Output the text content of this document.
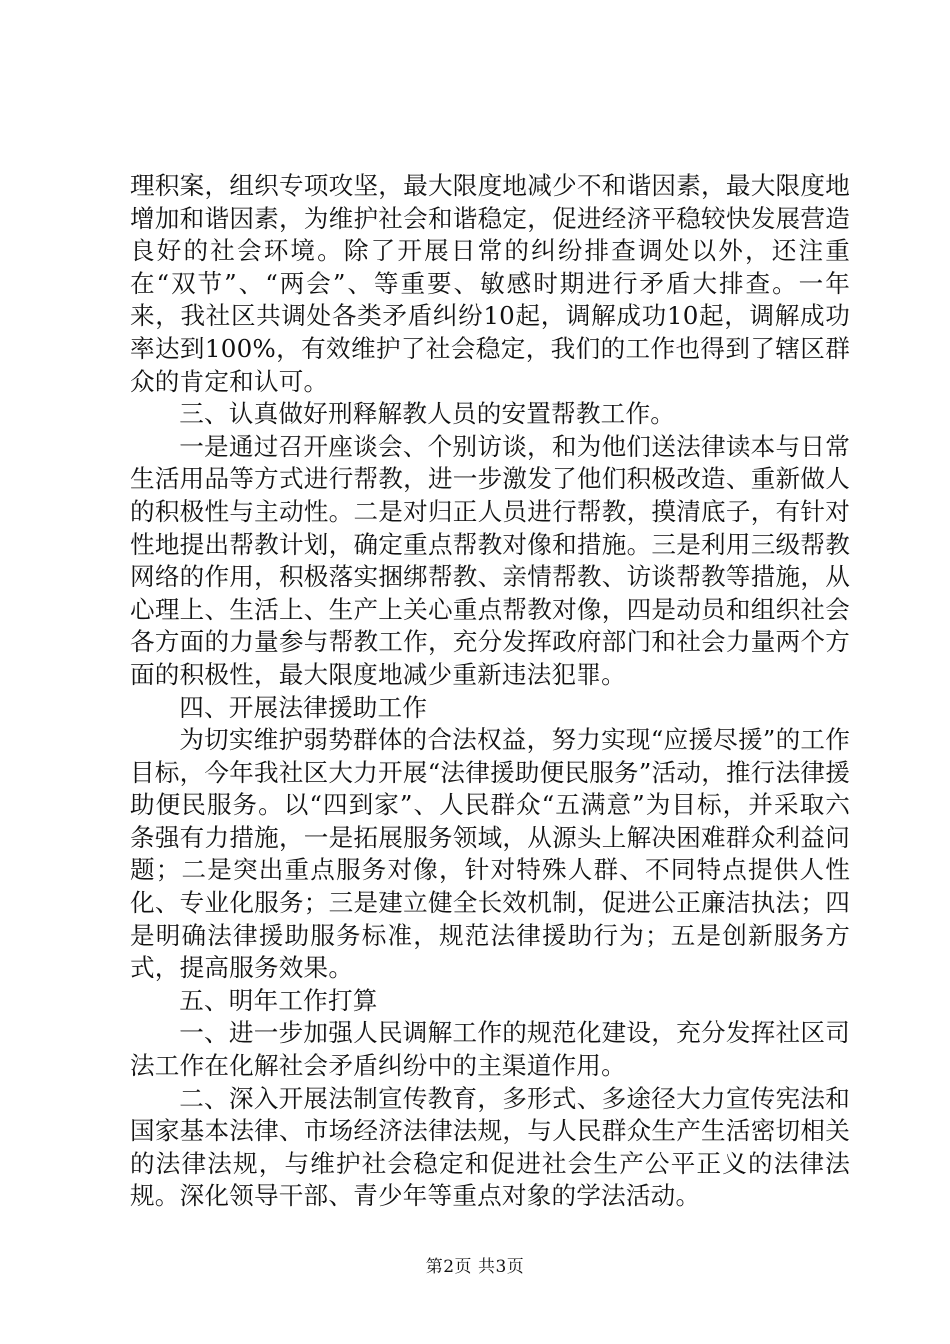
理积案，组织专项攻坚，最大限度地减少不和谐因素，最大限度地增加和谐因素，为维护社会和谐稳定，促进经济平稳较快发展营造良好的社会环境。除了开展日常的纠纷排查调处以外，还注重在“双节”、“两会”、等重要、敏感时期进行矛盾大排查。一年来，我社区共调处各类矛盾纠纷10起，调解成功10起，调解成功率达到100%，有效维护了社会稳定，我们的工作也得到了辖区群众的肯定和认可。

三、认真做好刑释解教人员的安置帮教工作。

一是通过召开座谈会、个别访谈，和为他们送法律读本与日常生活用品等方式进行帮教，进一步激发了他们积极改造、重新做人的积极性与主动性。二是对归正人员进行帮教，摸清底子，有针对性地提出帮教计划，确定重点帮教对像和措施。三是利用三级帮教网络的作用，积极落实捆绑帮教、亲情帮教、访谈帮教等措施，从心理上、生活上、生产上关心重点帮教对像，四是动员和组织社会各方面的力量参与帮教工作，充分发挥政府部门和社会力量两个方面的积极性，最大限度地减少重新违法犯罪。

四、开展法律援助工作

为切实维护弱势群体的合法权益，努力实现“应援尽援”的工作目标，今年我社区大力开展“法律援助便民服务”活动，推行法律援助便民服务。以“四到家”、人民群众“五满意”为目标，并采取六条强有力措施，一是拓展服务领域，从源头上解决困难群众利益问题；二是突出重点服务对像，针对特殊人群、不同特点提供人性化、专业化服务；三是建立健全长效机制，促进公正廉洁执法；四是明确法律援助服务标准，规范法律援助行为；五是创新服务方式，提高服务效果。

五、明年工作打算

一、进一步加强人民调解工作的规范化建设，充分发挥社区司法工作在化解社会矛盾纠纷中的主渠道作用。

二、深入开展法制宣传教育，多形式、多途径大力宣传宪法和国家基本法律、市场经济法律法规，与人民群众生产生活密切相关的法律法规，与维护社会稳定和促进社会生产公平正义的法律法规。深化领导干部、青少年等重点对象的学法活动。

第2页 共3页
